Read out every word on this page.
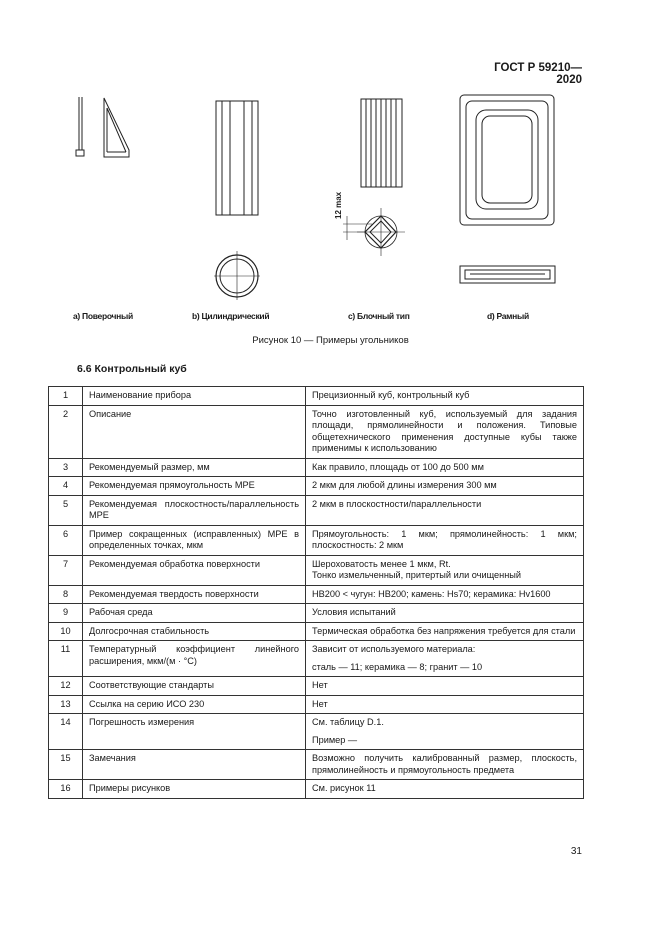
ГОСТ Р 59210—2020
12 max
а) Поверочный	b) Цилиндрический	c) Блочный тип	d) Рамный
Рисунок 10 — Примеры угольников
6.6 Контрольный куб
1	Наименование прибора	Прецизионный куб, контрольный куб
2	Описание	Точно изготовленный куб, используемый для задания площади, прямолинейности и положения. Типовые общетехнического применения доступные кубы также применимы к использованию
3	Рекомендуемый размер, мм	Как правило, площадь от 100 до 500 мм
4	Рекомендуемая прямоугольность МРЕ	2 мкм для любой длины измерения 300 мм
5	Рекомендуемая плоскостность/параллельность МРЕ	2 мкм в плоскостности/параллельности
6	Пример сокращенных (исправленных) МРЕ в определенных точках, мкм	Прямоугольность: 1 мкм; прямолинейность: 1 мкм; плоскостность: 2 мкм
7	Рекомендуемая обработка поверхности	Шероховатость менее 1 мкм, Rt.
Тонко измельченный, притертый или очищенный

8	Рекомендуемая твердость поверхности	HB200 < чугун: HB200; камень: Hs70; керамика: Hv1600
9	Рабочая среда	Условия испытаний
10	Долгосрочная стабильность	Термическая обработка без напряжения требуется для стали
11	Температурный коэффициент линейного расширения, мкм/(м · °C)	Зависит от используемого материала:
сталь — 11; керамика — 8; гранит — 10

12	Соответствующие стандарты	Нет
13	Ссылка на серию ИСО 230	Нет
14	Погрешность измерения	См. таблицу D.1.
Пример —

15	Замечания	Возможно получить калиброванный размер, плоскость, прямолинейность и прямоугольность предмета
16	Примеры рисунков	См. рисунок 11
31
